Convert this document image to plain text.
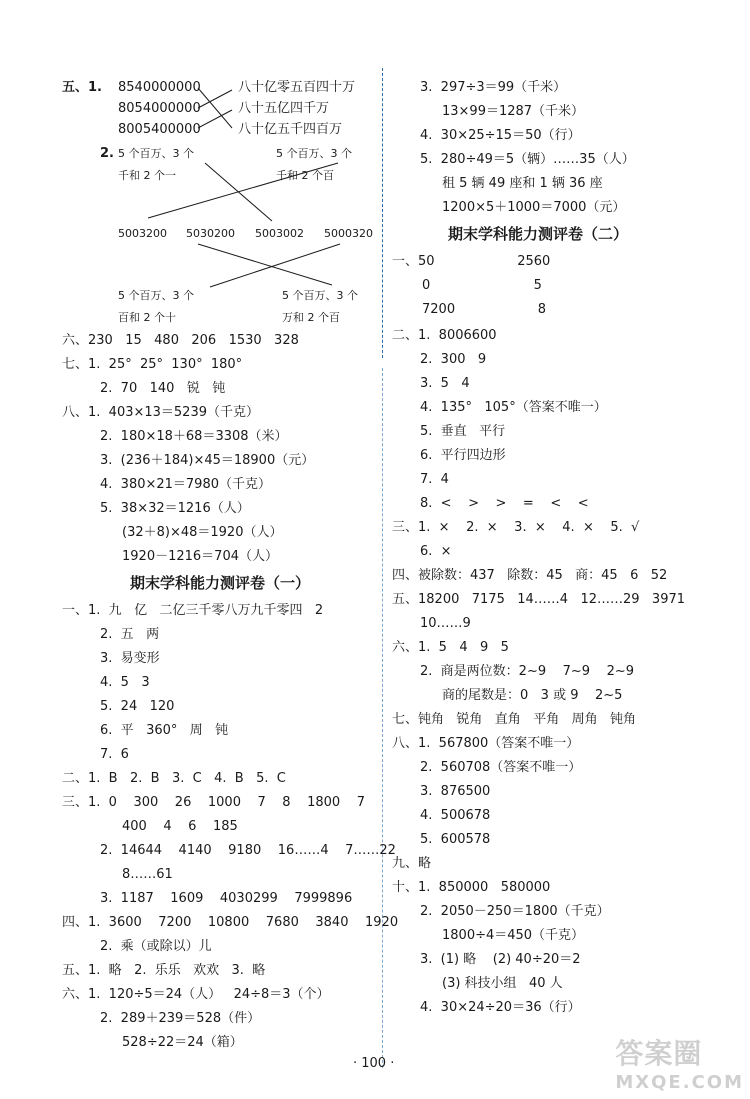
五、1. 8540000000
8054000000
8005400000
八十亿零五百四十万
八十五亿四千万
八十亿五千四百万
2. 5 个百万、3 个
千和 2 个一
5 个百万、3 个
千和 2 个百
5003200 5030200 5003002 5000320
5 个百万、3 个
百和 2 个十
5 个百万、3 个
万和 2 个百
六、230   15   480   206   1530   328
七、1.  25°  25°  130°  180°
2.  70   140   锐   钝
八、1.  403×13＝5239（千克）
2.  180×18＋68＝3308（米）
3.  (236＋184)×45＝18900（元）
4.  380×21＝7980（千克）
5.  38×32＝1216（人）
(32＋8)×48＝1920（人）
1920－1216＝704（人）
期末学科能力测评卷（一）
一、1.  九   亿   二亿三千零八万九千零四   2
2.  五   两
3.  易变形
4.  5   3
5.  24   120
6.  平   360°   周   钝
7.  6
二、1.  B   2.  B   3.  C   4.  B   5.  C
三、1.  0    300    26    1000    7    8    1800    7
400    4    6    185
2.  14644    4140    9180    16……4    7……22
8……61
3.  1187    1609    4030299    7999896
四、1.  3600    7200    10800    7680    3840    1920
2.  乘（或除以）儿
五、1.  略   2.  乐乐   欢欢   3.  略
六、1.  120÷5＝24（人）   24÷8＝3（个）
2.  289＋239＝528（件）
528÷22＝24（箱）
3.  297÷3＝99（千米）
13×99＝1287（千米）
4.  30×25÷15＝50（行）
5.  280÷49＝5（辆）……35（人）
租 5 辆 49 座和 1 辆 36 座
1200×5＋1000＝7000（元）
期末学科能力测评卷（二）
一、50                    2560
0                         5
7200                    8
二、1.  8006600
2.  300   9
3.  5   4
4.  135°   105°（答案不唯一）
5.  垂直   平行
6.  平行四边形
7.  4
8.  <    >    >    =    <    <
三、1.  ×    2.  ×    3.  ×    4.  ×    5.  √
6.  ×
四、被除数：437   除数：45   商：45   6   52
五、18200   7175   14……4   12……29   3971
10……9
六、1.  5   4   9   5
2.  商是两位数：2~9    7~9    2~9
商的尾数是：0   3 或 9    2~5
七、钝角   锐角   直角   平角   周角   钝角
八、1.  567800（答案不唯一）
2.  560708（答案不唯一）
3.  876500
4.  500678
5.  600578
九、略
十、1.  850000   580000
2.  2050－250＝1800（千克）
1800÷4＝450（千克）
3.  (1) 略    (2) 40÷20＝2
(3) 科技小组   40 人
4.  30×24÷20＝36（行）
· 100 ·	答案圈
MXQE.COM
